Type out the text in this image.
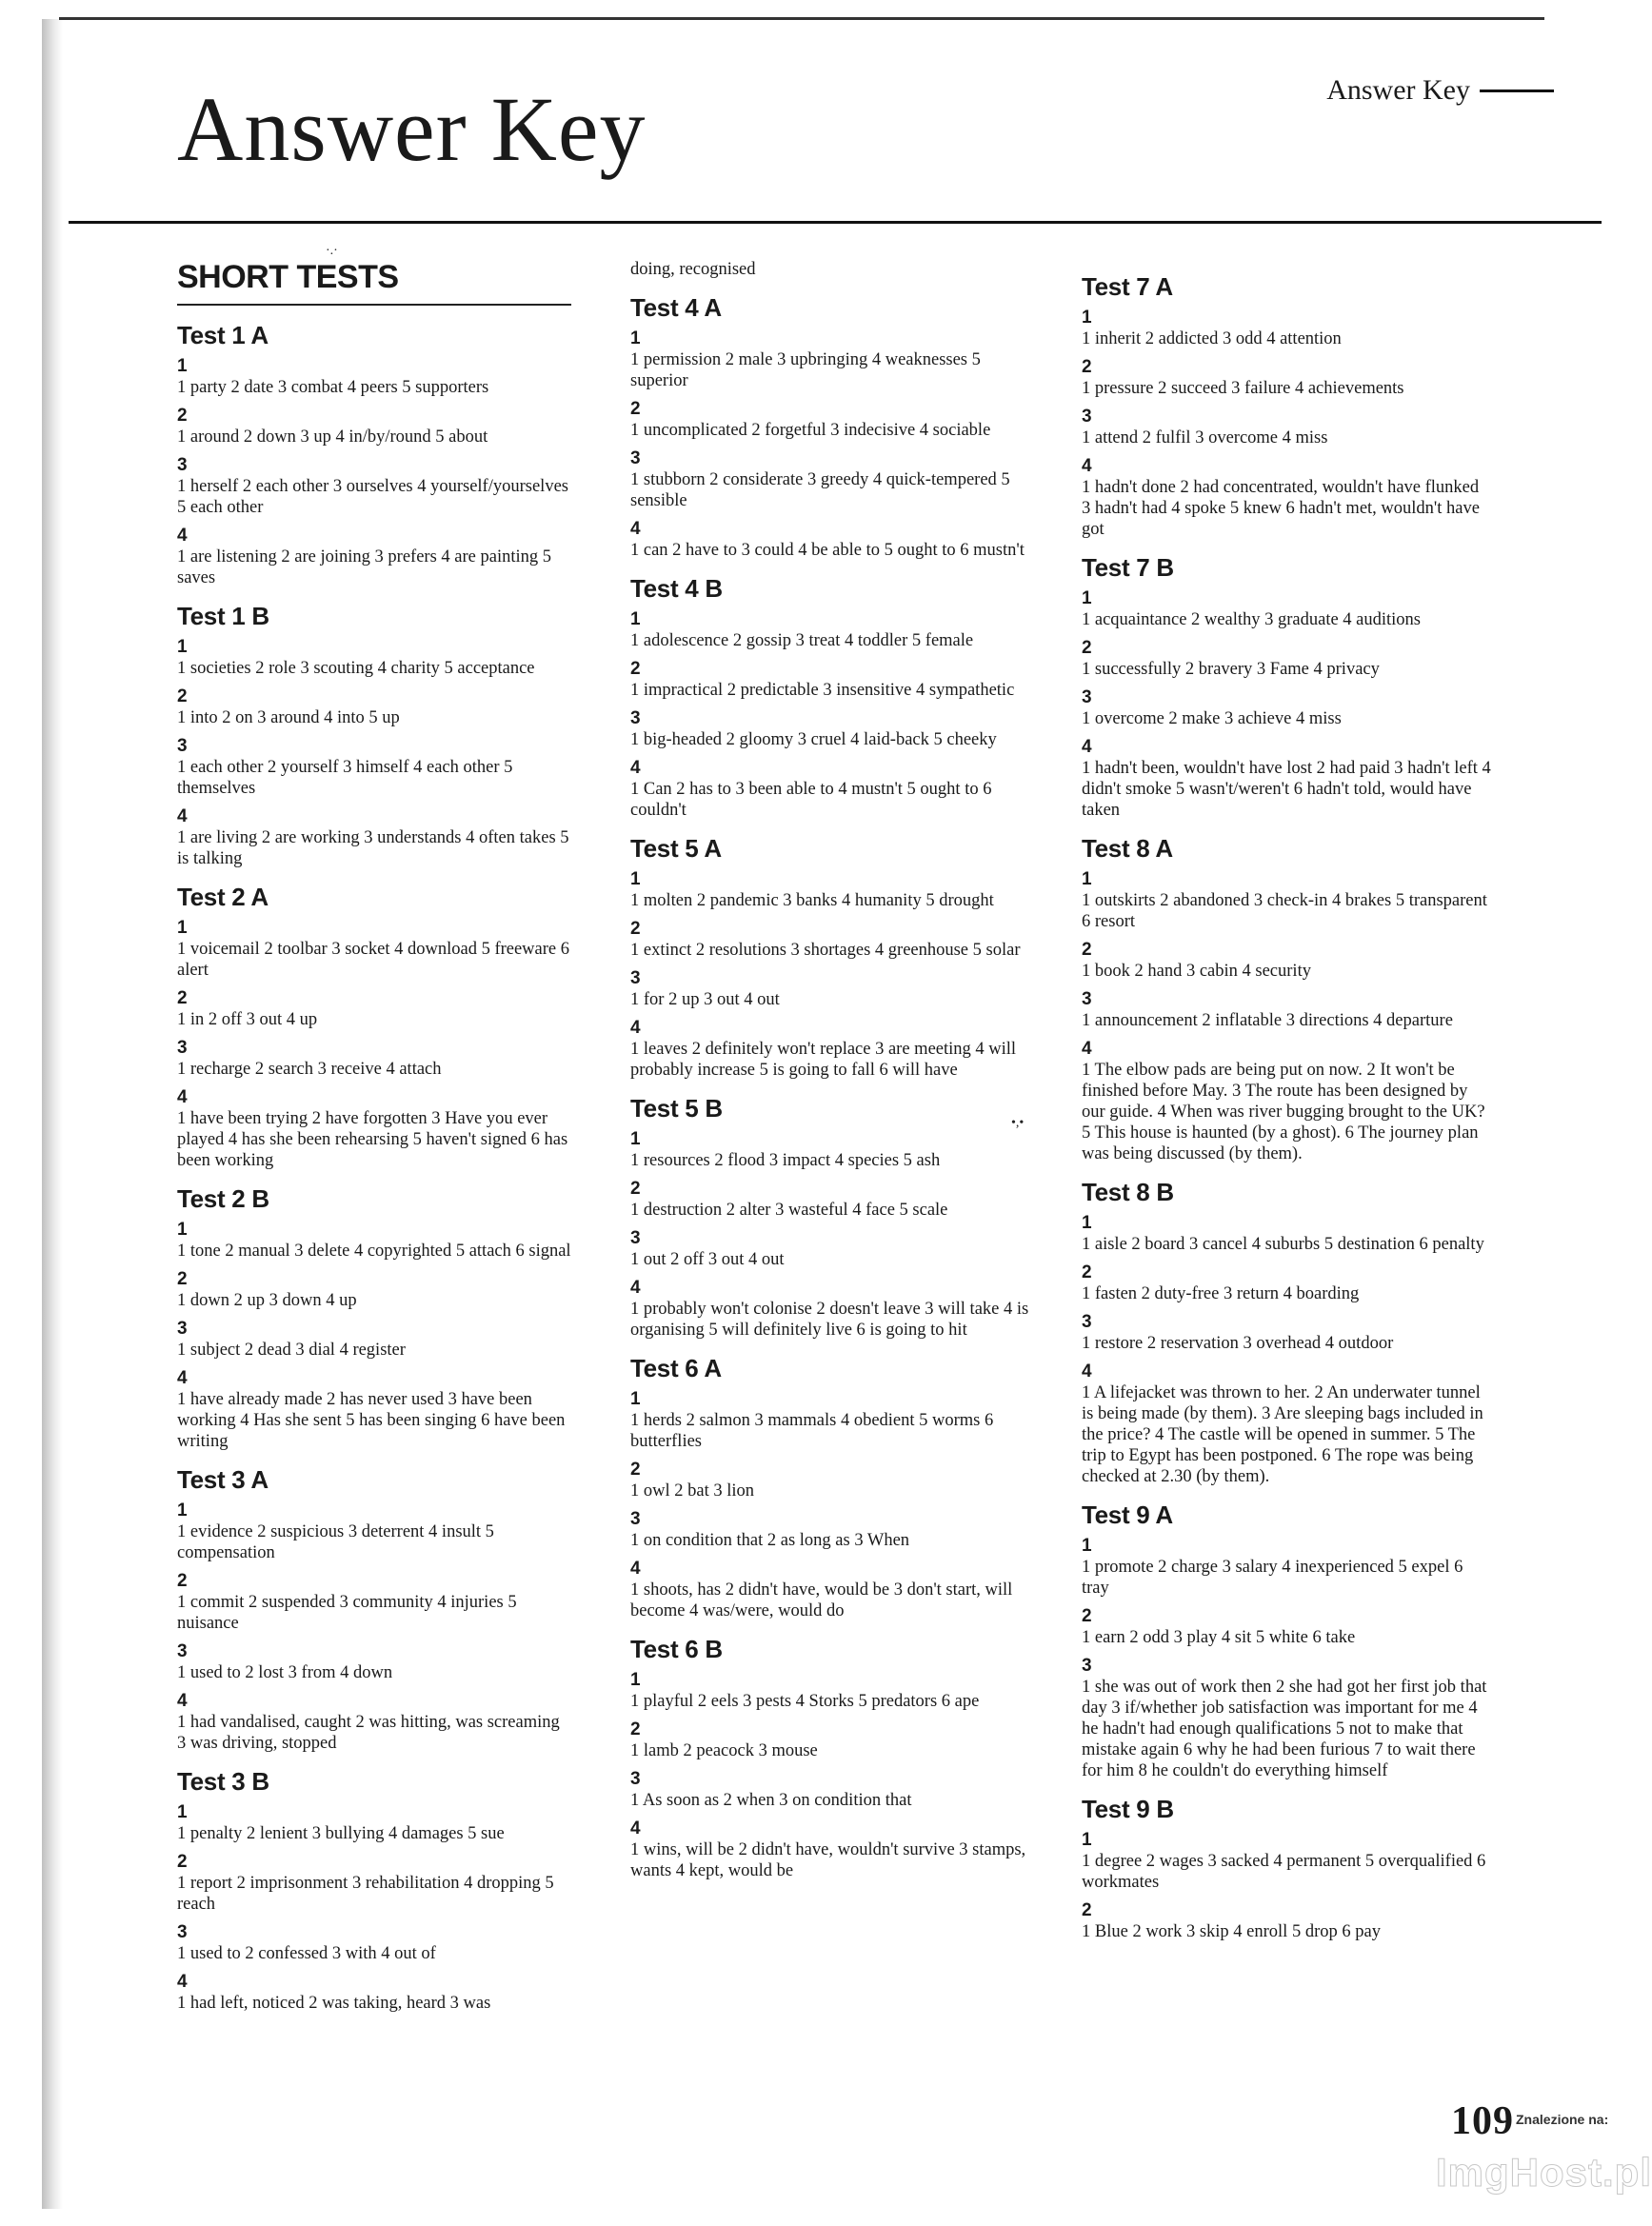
Answer Key	Answer Key
SHORT TESTS
Test 1 A
1
1 party 2 date 3 combat 4 peers 5 supporters
2
1 around 2 down 3 up 4 in/by/round 5 about
3
1 herself 2 each other 3 ourselves 4 yourself/yourselves 5 each other
4
1 are listening 2 are joining 3 prefers 4 are painting 5 saves
Test 1 B
1
1 societies 2 role 3 scouting 4 charity 5 acceptance
2
1 into 2 on 3 around 4 into 5 up
3
1 each other 2 yourself 3 himself 4 each other 5 themselves
4
1 are living 2 are working 3 understands 4 often takes 5 is talking
Test 2 A
1
1 voicemail 2 toolbar 3 socket 4 download 5 freeware 6 alert
2
1 in 2 off 3 out 4 up
3
1 recharge 2 search 3 receive 4 attach
4
1 have been trying 2 have forgotten 3 Have you ever played 4 has she been rehearsing 5 haven't signed 6 has been working
Test 2 B
1
1 tone 2 manual 3 delete 4 copyrighted 5 attach 6 signal
2
1 down 2 up 3 down 4 up
3
1 subject 2 dead 3 dial 4 register
4
1 have already made 2 has never used 3 have been working 4 Has she sent 5 has been singing 6 have been writing
Test 3 A
1
1 evidence 2 suspicious 3 deterrent 4 insult 5 compensation
2
1 commit 2 suspended 3 community 4 injuries 5 nuisance
3
1 used to 2 lost 3 from 4 down
4
1 had vandalised, caught 2 was hitting, was screaming 3 was driving, stopped
Test 3 B
1
1 penalty 2 lenient 3 bullying 4 damages 5 sue
2
1 report 2 imprisonment 3 rehabilitation 4 dropping 5 reach
3
1 used to 2 confessed 3 with 4 out of
4
1 had left, noticed 2 was taking, heard 3 was
doing, recognised
Test 4 A
1
1 permission 2 male 3 upbringing 4 weaknesses 5 superior
2
1 uncomplicated 2 forgetful 3 indecisive 4 sociable
3
1 stubborn 2 considerate 3 greedy 4 quick-tempered 5 sensible
4
1 can 2 have to 3 could 4 be able to 5 ought to 6 mustn't
Test 4 B
1
1 adolescence 2 gossip 3 treat 4 toddler 5 female
2
1 impractical 2 predictable 3 insensitive 4 sympathetic
3
1 big-headed 2 gloomy 3 cruel 4 laid-back 5 cheeky
4
1 Can 2 has to 3 been able to 4 mustn't 5 ought to 6 couldn't
Test 5 A
1
1 molten 2 pandemic 3 banks 4 humanity 5 drought
2
1 extinct 2 resolutions 3 shortages 4 greenhouse 5 solar
3
1 for 2 up 3 out 4 out
4
1 leaves 2 definitely won't replace 3 are meeting 4 will probably increase 5 is going to fall 6 will have
Test 5 B
1
1 resources 2 flood 3 impact 4 species 5 ash
2
1 destruction 2 alter 3 wasteful 4 face 5 scale
3
1 out 2 off 3 out 4 out
4
1 probably won't colonise 2 doesn't leave 3 will take 4 is organising 5 will definitely live 6 is going to hit
Test 6 A
1
1 herds 2 salmon 3 mammals 4 obedient 5 worms 6 butterflies
2
1 owl 2 bat 3 lion
3
1 on condition that 2 as long as 3 When
4
1 shoots, has 2 didn't have, would be 3 don't start, will become 4 was/were, would do
Test 6 B
1
1 playful 2 eels 3 pests 4 Storks 5 predators 6 ape
2
1 lamb 2 peacock 3 mouse
3
1 As soon as 2 when 3 on condition that
4
1 wins, will be 2 didn't have, wouldn't survive 3 stamps, wants 4 kept, would be
Test 7 A
1
1 inherit 2 addicted 3 odd 4 attention
2
1 pressure 2 succeed 3 failure 4 achievements
3
1 attend 2 fulfil 3 overcome 4 miss
4
1 hadn't done 2 had concentrated, wouldn't have flunked 3 hadn't had 4 spoke 5 knew 6 hadn't met, wouldn't have got
Test 7 B
1
1 acquaintance 2 wealthy 3 graduate 4 auditions
2
1 successfully 2 bravery 3 Fame 4 privacy
3
1 overcome 2 make 3 achieve 4 miss
4
1 hadn't been, wouldn't have lost 2 had paid 3 hadn't left 4 didn't smoke 5 wasn't/weren't 6 hadn't told, would have taken
Test 8 A
1
1 outskirts 2 abandoned 3 check-in 4 brakes 5 transparent 6 resort
2
1 book 2 hand 3 cabin 4 security
3
1 announcement 2 inflatable 3 directions 4 departure
4
1 The elbow pads are being put on now. 2 It won't be finished before May. 3 The route has been designed by our guide. 4 When was river bugging brought to the UK? 5 This house is haunted (by a ghost). 6 The journey plan was being discussed (by them).
Test 8 B
1
1 aisle 2 board 3 cancel 4 suburbs 5 destination 6 penalty
2
1 fasten 2 duty-free 3 return 4 boarding
3
1 restore 2 reservation 3 overhead 4 outdoor
4
1 A lifejacket was thrown to her. 2 An underwater tunnel is being made (by them). 3 Are sleeping bags included in the price? 4 The castle will be opened in summer. 5 The trip to Egypt has been postponed. 6 The rope was being checked at 2.30 (by them).
Test 9 A
1
1 promote 2 charge 3 salary 4 inexperienced 5 expel 6 tray
2
1 earn 2 odd 3 play 4 sit 5 white 6 take
3
1 she was out of work then 2 she had got her first job that day 3 if/whether job satisfaction was important for me 4 he hadn't had enough qualifications 5 not to make that mistake again 6 why he had been furious 7 to wait there for him 8 he couldn't do everything himself
Test 9 B
1
1 degree 2 wages 3 sacked 4 permanent 5 overqualified 6 workmates
2
1 Blue 2 work 3 skip 4 enroll 5 drop 6 pay
·.·
•,•
109 Znalezione na:
ImgHost.pl
